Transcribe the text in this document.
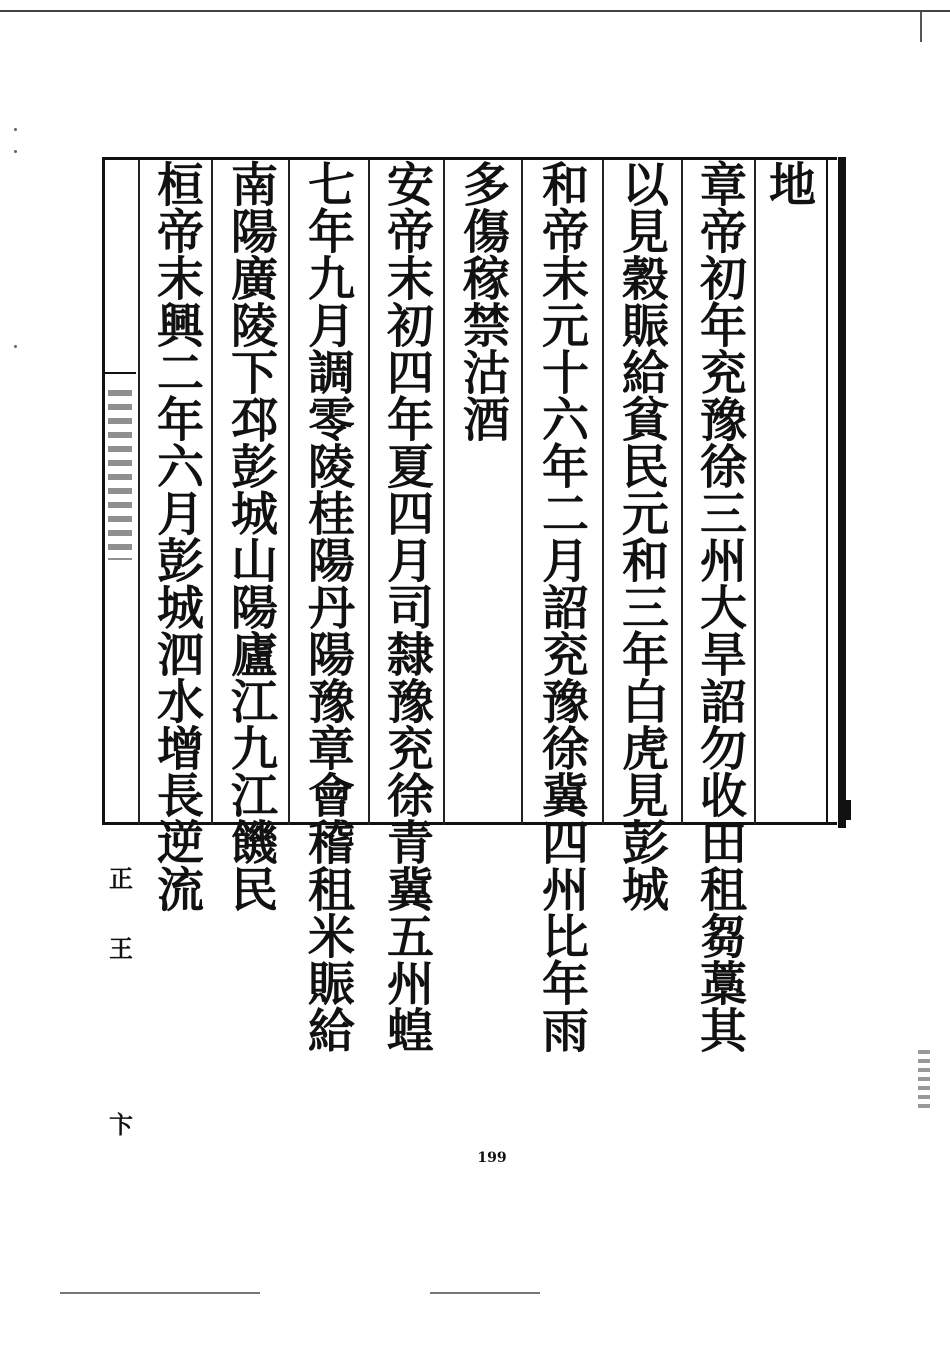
地
章帝初年兖豫徐三州大旱詔勿收田租芻藁其
以見穀賑給貧民元和三年白虎見彭城
和帝末元十六年二月詔兖豫徐冀四州比年雨
多傷稼禁沽酒
安帝末初四年夏四月司隸豫兖徐青冀五州蝗
七年九月調零陵桂陽丹陽豫章會稽租米賑給
南陽廣陵下邳彭城山陽廬江九江饑民
桓帝末興二年六月彭城泗水增長逆流
正
王
卞
199
